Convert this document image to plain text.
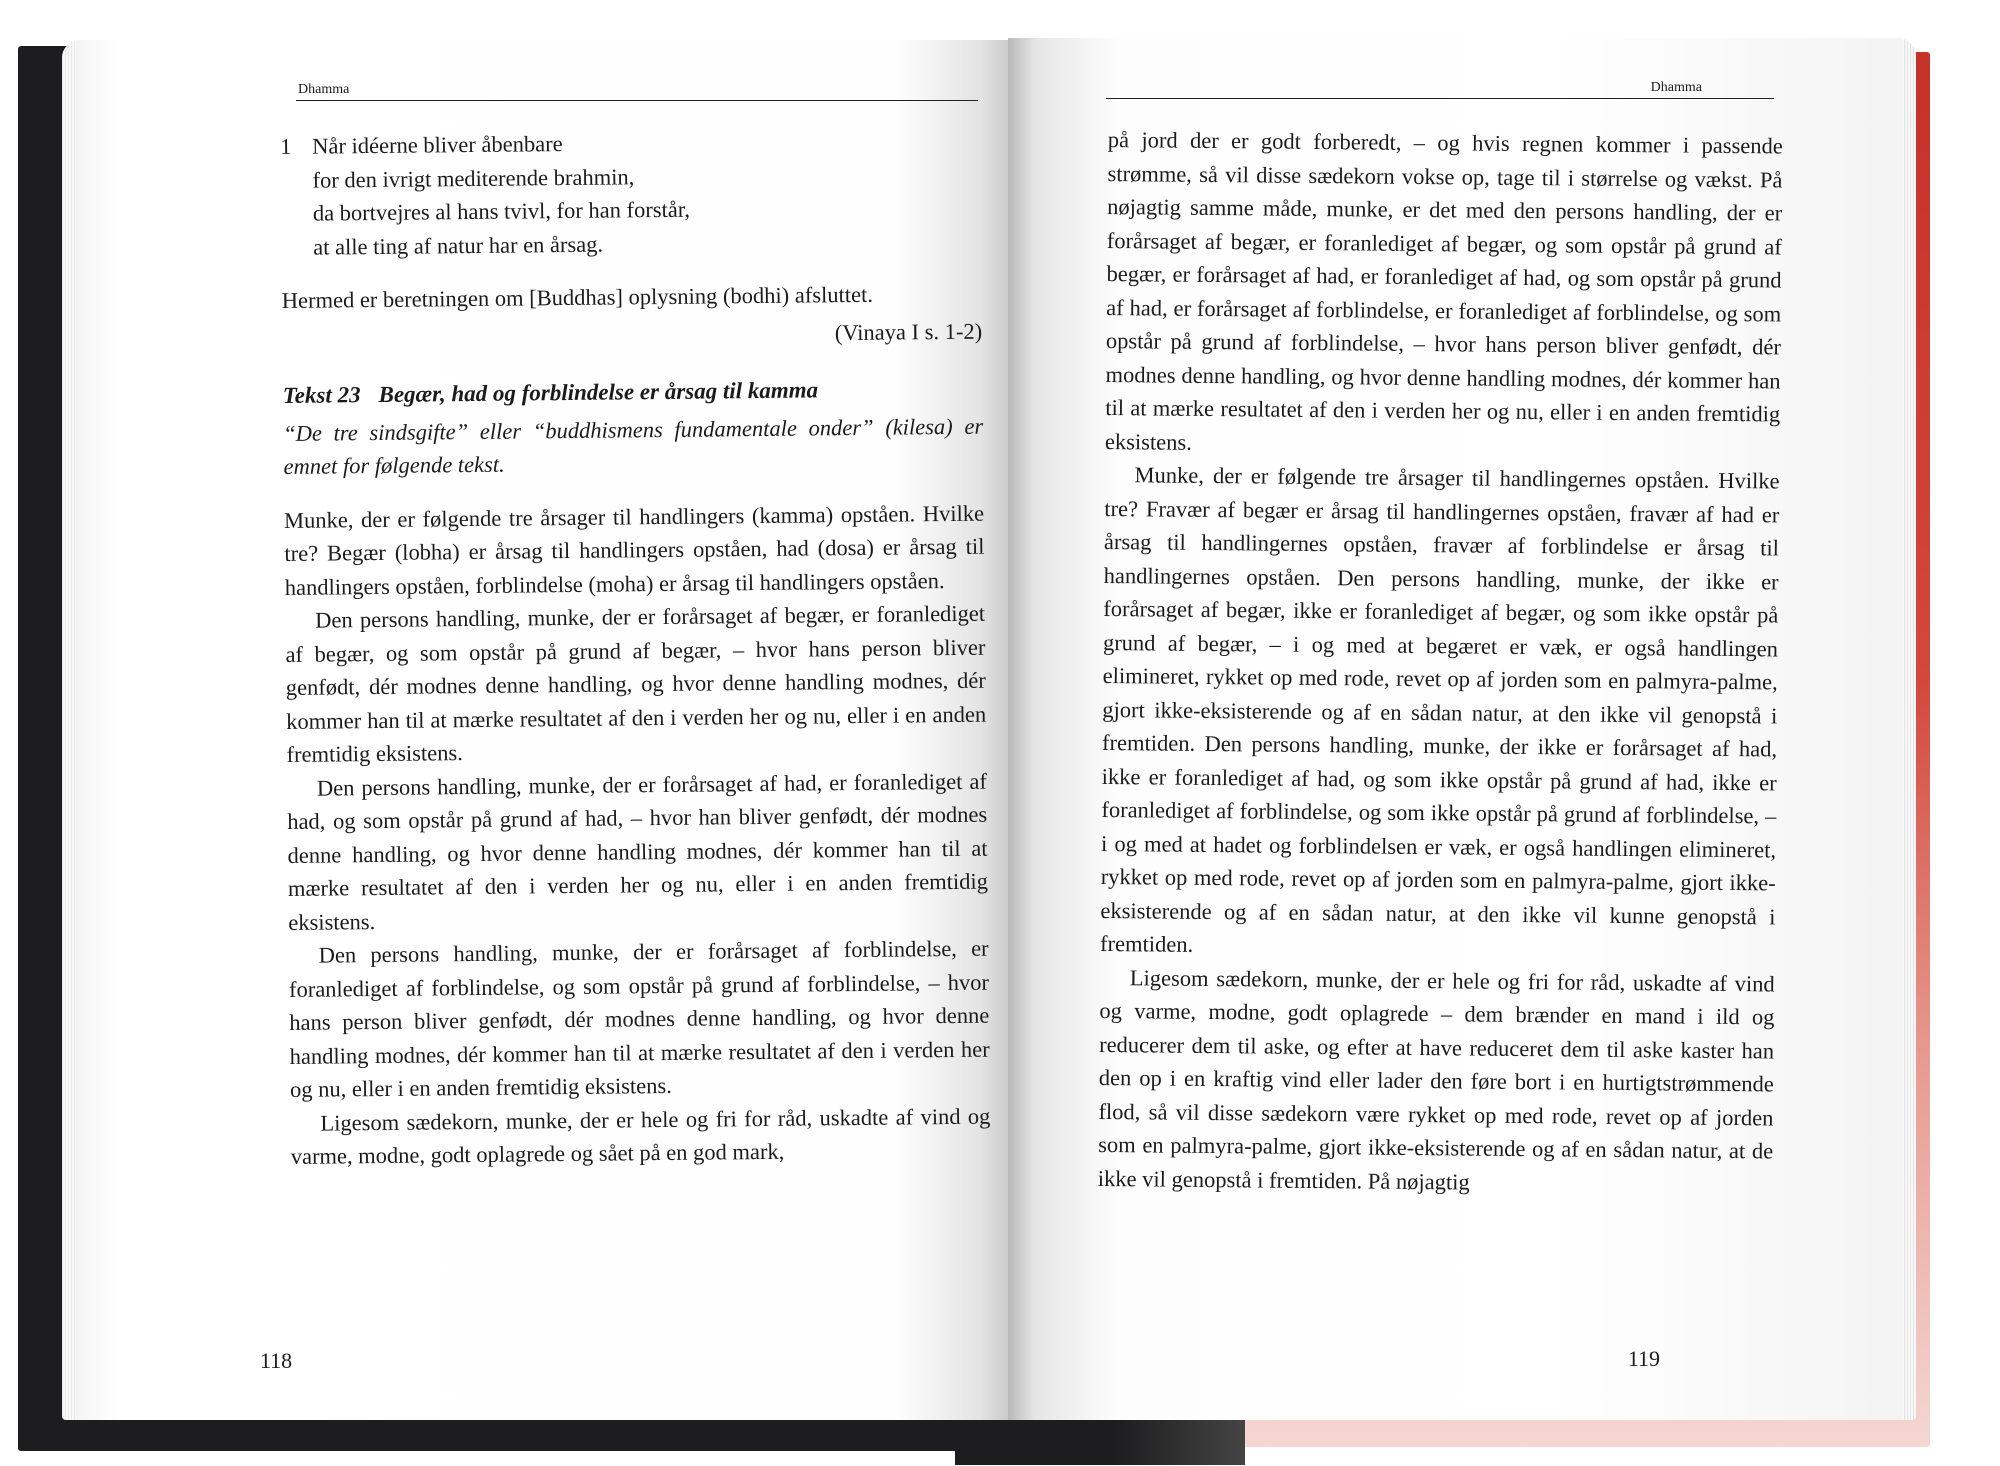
Dhamma
1 Når idéerne bliver åbenbare
for den ivrigt mediterende brahmin,
da bortvejres al hans tvivl, for han forstår,
at alle ting af natur har en årsag.

Hermed er beretningen om [Buddhas] oplysning (bodhi) afsluttet.

(Vinaya I s. 1-2)

Tekst 23 Begær, had og forblindelse er årsag til kamma

“De tre sindsgifte” eller “buddhismens fundamentale onder” (kilesa) er emnet for følgende tekst.

Munke, der er følgende tre årsager til handlingers (kamma) opståen. Hvilke tre? Begær (lobha) er årsag til handlingers opståen, had (dosa) er årsag til handlingers opståen, forblindelse (moha) er årsag til handlingers opståen.

Den persons handling, munke, der er forårsaget af begær, er foranlediget af begær, og som opstår på grund af begær, – hvor hans person bliver genfødt, dér modnes denne handling, og hvor denne handling modnes, dér kommer han til at mærke resultatet af den i verden her og nu, eller i en anden fremtidig eksistens.

Den persons handling, munke, der er forårsaget af had, er foranlediget af had, og som opstår på grund af had, – hvor han bliver genfødt, dér modnes denne handling, og hvor denne handling modnes, dér kommer han til at mærke resultatet af den i verden her og nu, eller i en anden fremtidig eksistens.

Den persons handling, munke, der er forårsaget af forblindelse, er foranlediget af forblindelse, og som opstår på grund af forblindelse, – hvor hans person bliver genfødt, dér modnes denne handling, og hvor denne handling modnes, dér kommer han til at mærke resultatet af den i verden her og nu, eller i en anden fremtidig eksistens.

Ligesom sædekorn, munke, der er hele og fri for råd, uskadte af vind og varme, modne, godt oplagrede og sået på en god mark,

118
Dhamma

på jord der er godt forberedt, – og hvis regnen kommer i passende strømme, så vil disse sædekorn vokse op, tage til i størrelse og vækst. På nøjagtig samme måde, munke, er det med den persons handling, der er forårsaget af begær, er foranlediget af begær, og som opstår på grund af begær, er forårsaget af had, er foranlediget af had, og som opstår på grund af had, er forårsaget af forblindelse, er foranlediget af forblindelse, og som opstår på grund af forblindelse, – hvor hans person bliver genfødt, dér modnes denne handling, og hvor denne handling modnes, dér kommer han til at mærke resultatet af den i verden her og nu, eller i en anden fremtidig eksistens.

Munke, der er følgende tre årsager til handlingernes opståen. Hvilke tre? Fravær af begær er årsag til handlingernes opståen, fravær af had er årsag til handlingernes opståen, fravær af forblindelse er årsag til handlingernes opståen. Den persons handling, munke, der ikke er forårsaget af begær, ikke er foranlediget af begær, og som ikke opstår på grund af begær, – i og med at begæret er væk, er også handlingen elimineret, rykket op med rode, revet op af jorden som en palmyra-palme, gjort ikke-eksisterende og af en sådan natur, at den ikke vil genopstå i fremtiden. Den persons handling, munke, der ikke er forårsaget af had, ikke er foranlediget af had, og som ikke opstår på grund af had, ikke er foranlediget af forblindelse, og som ikke opstår på grund af forblindelse, – i og med at hadet og forblindelsen er væk, er også handlingen elimineret, rykket op med rode, revet op af jorden som en palmyra-palme, gjort ikke-eksisterende og af en sådan natur, at den ikke vil kunne genopstå i fremtiden.

Ligesom sædekorn, munke, der er hele og fri for råd, uskadte af vind og varme, modne, godt oplagrede – dem brænder en mand i ild og reducerer dem til aske, og efter at have reduceret dem til aske kaster han den op i en kraftig vind eller lader den føre bort i en hurtigtstrømmende flod, så vil disse sædekorn være rykket op med rode, revet op af jorden som en palmyra-palme, gjort ikke-eksisterende og af en sådan natur, at de ikke vil genopstå i fremtiden. På nøjagtig

119
